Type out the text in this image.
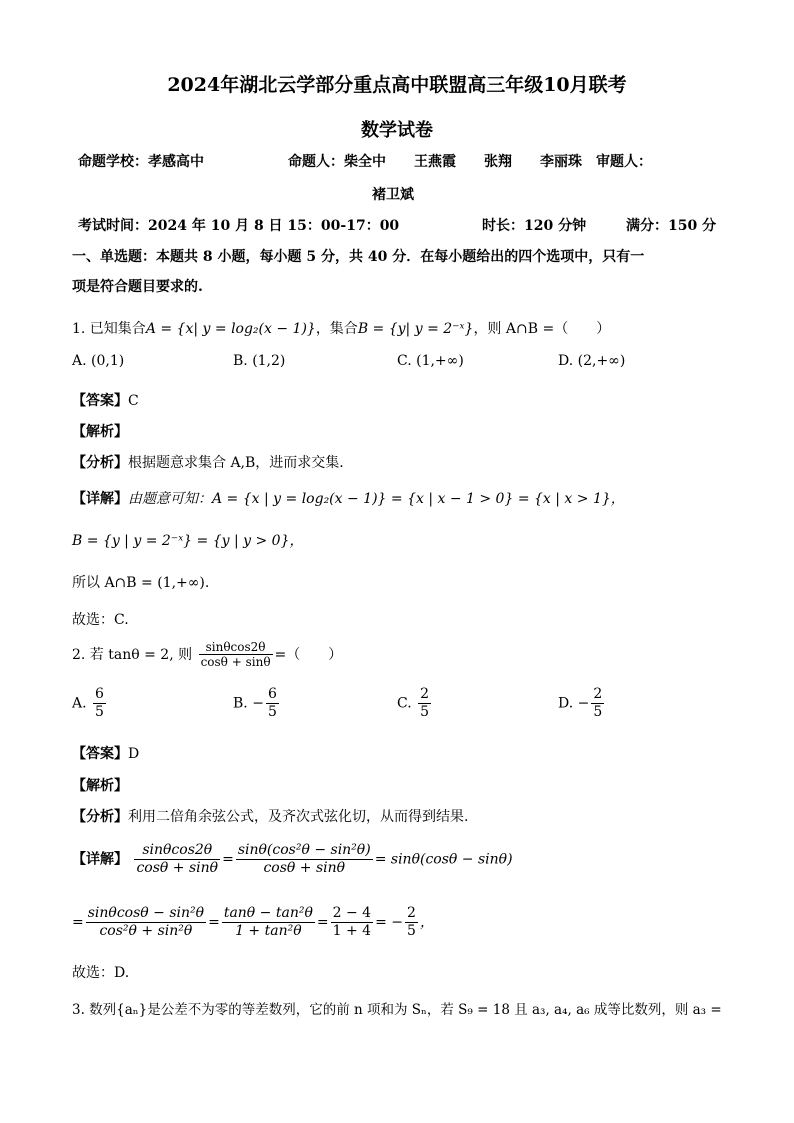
2024年湖北云学部分重点高中联盟高三年级10月联考
数学试卷
命题学校：孝感高中	命题人：柴全中　　王燕霞　　张翔　　李丽珠　审题人：
褚卫斌
考试时间：2024 年 10 月 8 日 15：00-17：00	时长：120 分钟	满分：150 分
一、单选题：本题共 8 小题，每小题 5 分，共 40 分．在每小题给出的四个选项中，只有一
项是符合题目要求的.
1. 已知集合A = {x| y = log₂(x − 1)}，集合B = {y| y = 2⁻ˣ}，则 A∩B =（　　）
A. (0,1)	B. (1,2)	C. (1,+∞)	D. (2,+∞)
【答案】C
【解析】
【分析】根据题意求集合 A,B，进而求交集.
【详解】由题意可知：A = {x | y = log₂(x − 1)} = {x | x − 1 > 0} = {x | x > 1}，
B = {y | y = 2⁻ˣ} = {y | y > 0}，
所以 A∩B = (1,+∞).
故选：C.
2. 若 tanθ = 2, 则 $\frac{\sin\theta\cos 2\theta}{\cos\theta + \sin\theta}$ =（　　）
A. $\frac{6}{5}$	B. − $\frac{6}{5}$	C. $\frac{2}{5}$	D. − $\frac{2}{5}$
【答案】D
【解析】
【分析】利用二倍角余弦公式，及齐次式弦化切，从而得到结果.
【详解】 $\frac{\sin\theta\cos 2\theta}{\cos\theta + \sin\theta} = \frac{\text{sinθ(cos²θ − sin²θ)}}{\cos\theta + \sin\theta} = \sin\theta(\cos\theta - \sin\theta)$
= $\frac{\text{sinθcosθ − sin²θ}}{\text{cos²θ + sin²θ}} = \frac{\text{tanθ − tan²θ}}{\text{1 + tan²θ}} = \frac{2 - 4}{1 + 4}$ = − $\frac{2}{5}$ ，
故选：D.
3. 数列{aₙ}是公差不为零的等差数列，它的前 n 项和为 Sₙ，若 S₉ = 18 且 a₃, a₄, a₆ 成等比数列，则 a₃ =
